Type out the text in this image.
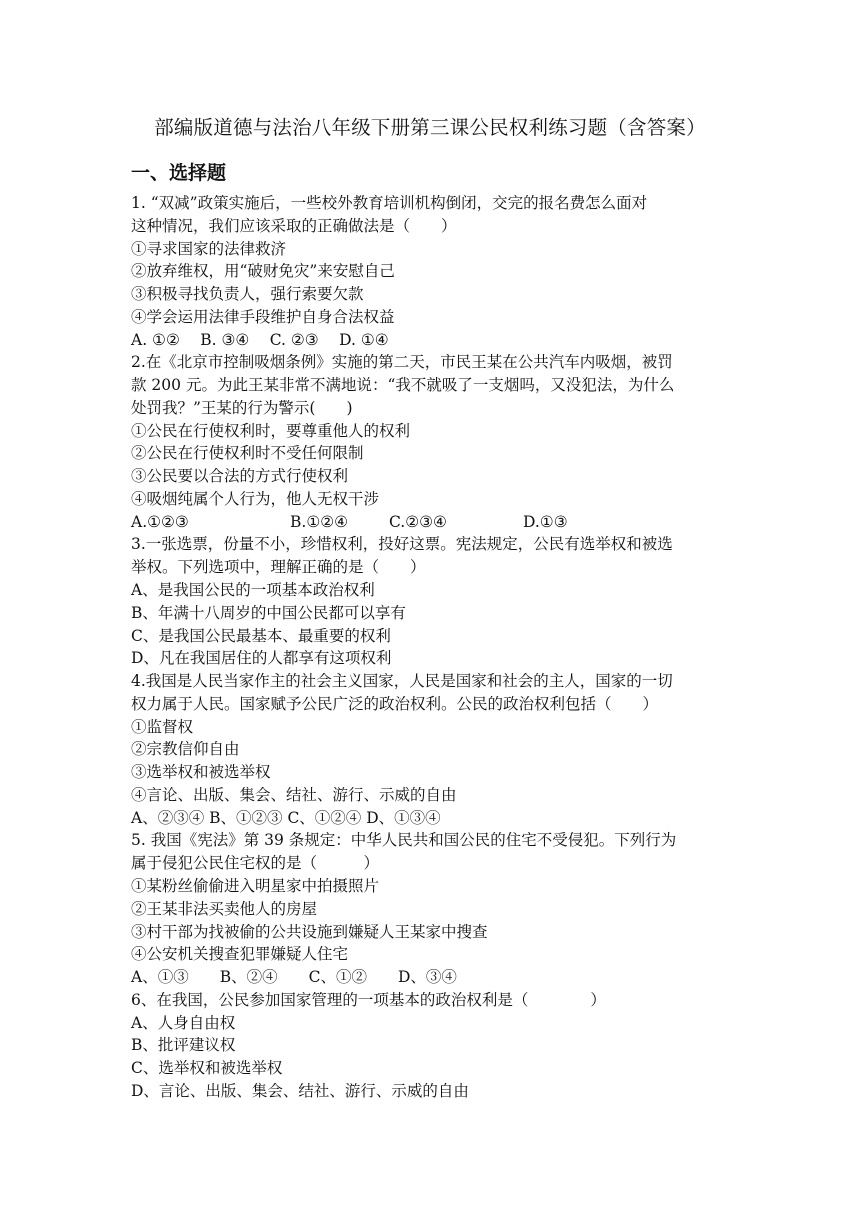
部编版道德与法治八年级下册第三课公民权利练习题（含答案）
一、选择题
1. “双减”政策实施后，一些校外教育培训机构倒闭，交完的报名费怎么面对
这种情况，我们应该采取的正确做法是（　　）
①寻求国家的法律救济
②放弃维权，用“破财免灾”来安慰自己
③积极寻找负责人，强行索要欠款
④学会运用法律手段维护自身合法权益
A. ①②　 B. ③④　 C. ②③　 D. ①④
2.在《北京市控制吸烟条例》实施的第二天，市民王某在公共汽车内吸烟，被罚
款 200 元。为此王某非常不满地说：“我不就吸了一支烟吗，又没犯法，为什么
处罚我？”王某的行为警示(　　)
①公民在行使权利时，要尊重他人的权利
②公民在行使权利时不受任何限制
③公民要以合法的方式行使权利
④吸烟纯属个人行为，他人无权干涉
A.①②③	B.①②④	C.②③④	D.①③
3.一张选票，份量不小，珍惜权利，投好这票。宪法规定，公民有选举权和被选
举权。下列选项中，理解正确的是（　　）
A、是我国公民的一项基本政治权利
B、年满十八周岁的中国公民都可以享有
C、是我国公民最基本、最重要的权利
D、凡在我国居住的人都享有这项权利
4.我国是人民当家作主的社会主义国家，人民是国家和社会的主人，国家的一切
权力属于人民。国家赋予公民广泛的政治权利。公民的政治权利包括（　　）
①监督权
②宗教信仰自由
③选举权和被选举权
④言论、出版、集会、结社、游行、示威的自由
A、②③④ B、①②③ C、①②④ D、①③④
5. 我国《宪法》第 39 条规定：中华人民共和国公民的住宅不受侵犯。下列行为
属于侵犯公民住宅权的是（　　　）
①某粉丝偷偷进入明星家中拍摄照片
②王某非法买卖他人的房屋
③村干部为找被偷的公共设施到嫌疑人王某家中搜查
④公安机关搜查犯罪嫌疑人住宅
A、①③　　B、②④　　C、①②　　D、③④
6、在我国，公民参加国家管理的一项基本的政治权利是（　　　　）
A、人身自由权
B、批评建议权
C、选举权和被选举权
D、言论、出版、集会、结社、游行、示威的自由
